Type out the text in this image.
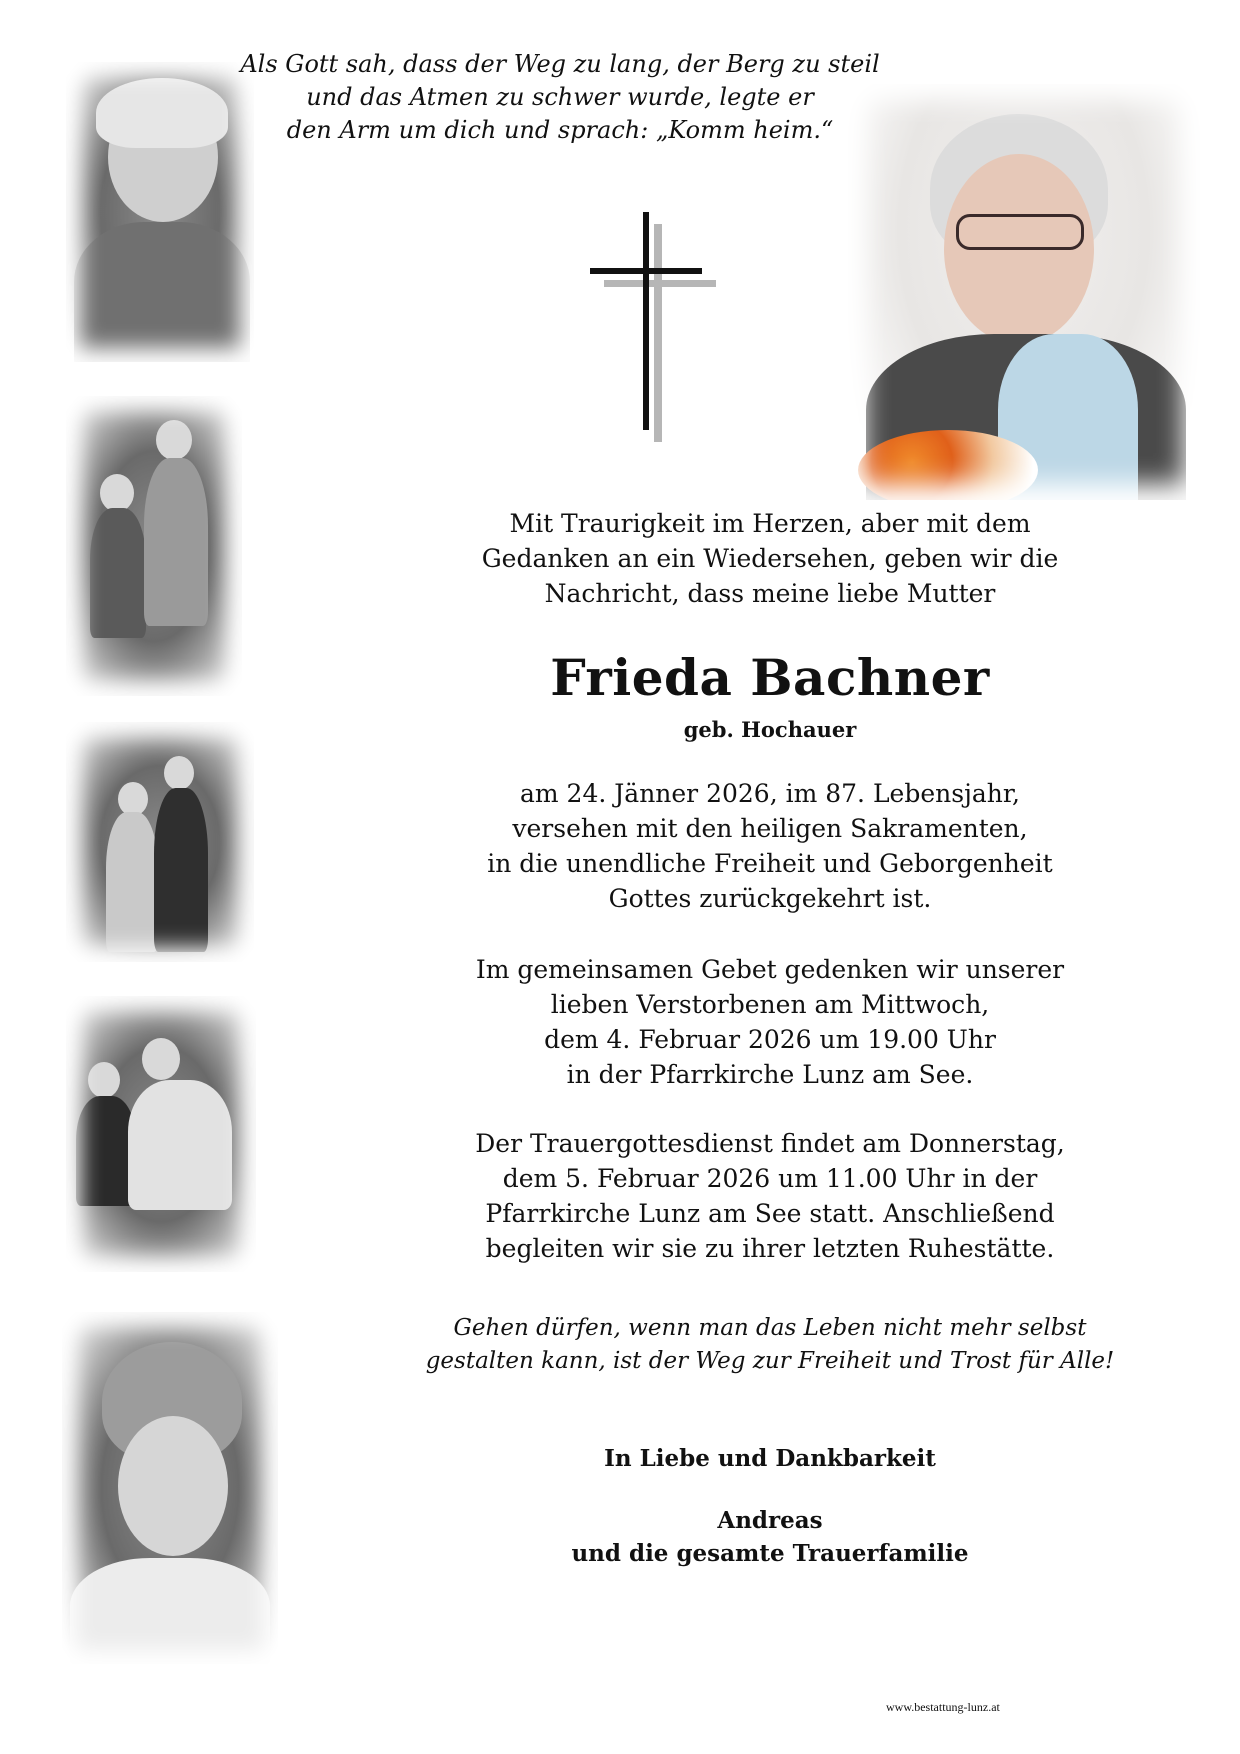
Als Gott sah, dass der Weg zu lang, der Berg zu steil
und das Atmen zu schwer wurde, legte er
den Arm um dich und sprach: „Komm heim.“
Mit Traurigkeit im Herzen, aber mit dem
Gedanken an ein Wiedersehen, geben wir die
Nachricht, dass meine liebe Mutter
Frieda Bachner
geb. Hochauer
am 24. Jänner 2026, im 87. Lebensjahr,
versehen mit den heiligen Sakramenten,
in die unendliche Freiheit und Geborgenheit
Gottes zurückgekehrt ist.
Im gemeinsamen Gebet gedenken wir unserer
lieben Verstorbenen am Mittwoch,
dem 4. Februar 2026 um 19.00 Uhr
in der Pfarrkirche Lunz am See.
Der Trauergottesdienst findet am Donnerstag,
dem 5. Februar 2026 um 11.00 Uhr in der
Pfarrkirche Lunz am See statt. Anschließend
begleiten wir sie zu ihrer letzten Ruhestätte.
Gehen dürfen, wenn man das Leben nicht mehr selbst
gestalten kann, ist der Weg zur Freiheit und Trost für Alle!
In Liebe und Dankbarkeit
Andreas
und die gesamte Trauerfamilie
www.bestattung-lunz.at
